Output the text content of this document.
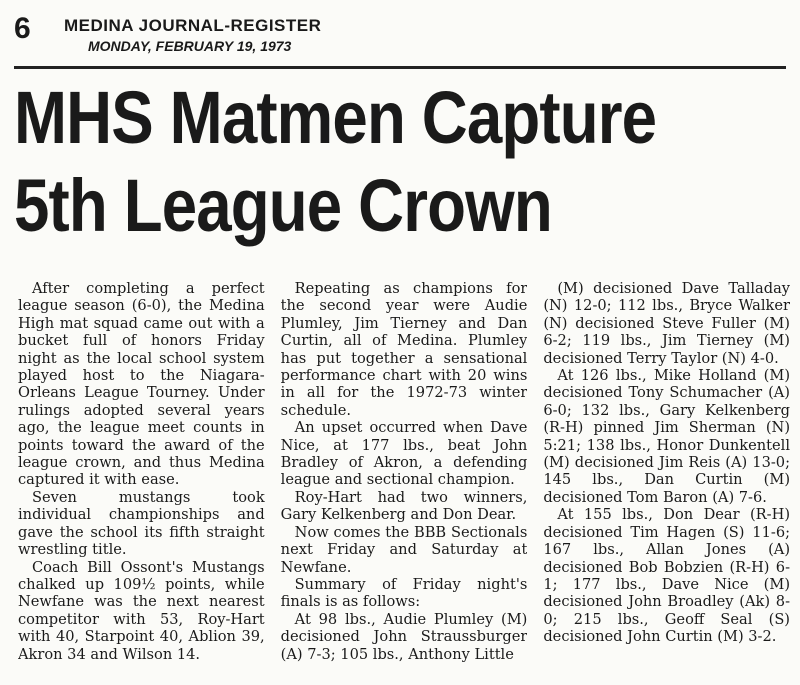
6 MEDINA JOURNAL-REGISTER
MONDAY, FEBRUARY 19, 1973
MHS Matmen Capture
5th League Crown

After completing a perfect league season (6-0), the Medina High mat squad came out with a bucket full of honors Friday night as the local school system played host to the Niagara-Orleans League Tourney. Under rulings adopted several years ago, the league meet counts in points toward the award of the league crown, and thus Medina captured it with ease.

Seven mustangs took individual championships and gave the school its fifth straight wrestling title.

Coach Bill Ossont's Mustangs chalked up 109½ points, while Newfane was the next nearest competitor with 53, Roy-Hart with 40, Starpoint 40, Ablion 39, Akron 34 and Wilson 14.

Repeating as champions for the second year were Audie Plumley, Jim Tierney and Dan Curtin, all of Medina. Plumley has put together a sensational performance chart with 20 wins in all for the 1972-73 winter schedule.

An upset occurred when Dave Nice, at 177 lbs., beat John Bradley of Akron, a defending league and sectional champion.

Roy-Hart had two winners, Gary Kelkenberg and Don Dear.

Now comes the BBB Sectionals next Friday and Saturday at Newfane.

Summary of Friday night's finals is as follows:

At 98 lbs., Audie Plumley (M) decisioned John Straussburger (A) 7-3; 105 lbs., Anthony Little

(M) decisioned Dave Talladay (N) 12-0; 112 lbs., Bryce Walker (N) decisioned Steve Fuller (M) 6-2; 119 lbs., Jim Tierney (M) decisioned Terry Taylor (N) 4-0.

At 126 lbs., Mike Holland (M) decisioned Tony Schumacher (A) 6-0; 132 lbs., Gary Kelkenberg (R-H) pinned Jim Sherman (N) 5:21; 138 lbs., Honor Dunkentell (M) decisioned Jim Reis (A) 13-0; 145 lbs., Dan Curtin (M) decisioned Tom Baron (A) 7-6.

At 155 lbs., Don Dear (R-H) decisioned Tim Hagen (S) 11-6; 167 lbs., Allan Jones (A) decisioned Bob Bobzien (R-H) 6-1; 177 lbs., Dave Nice (M) decisioned John Broadley (Ak) 8-0; 215 lbs., Geoff Seal (S) decisioned John Curtin (M) 3-2.
